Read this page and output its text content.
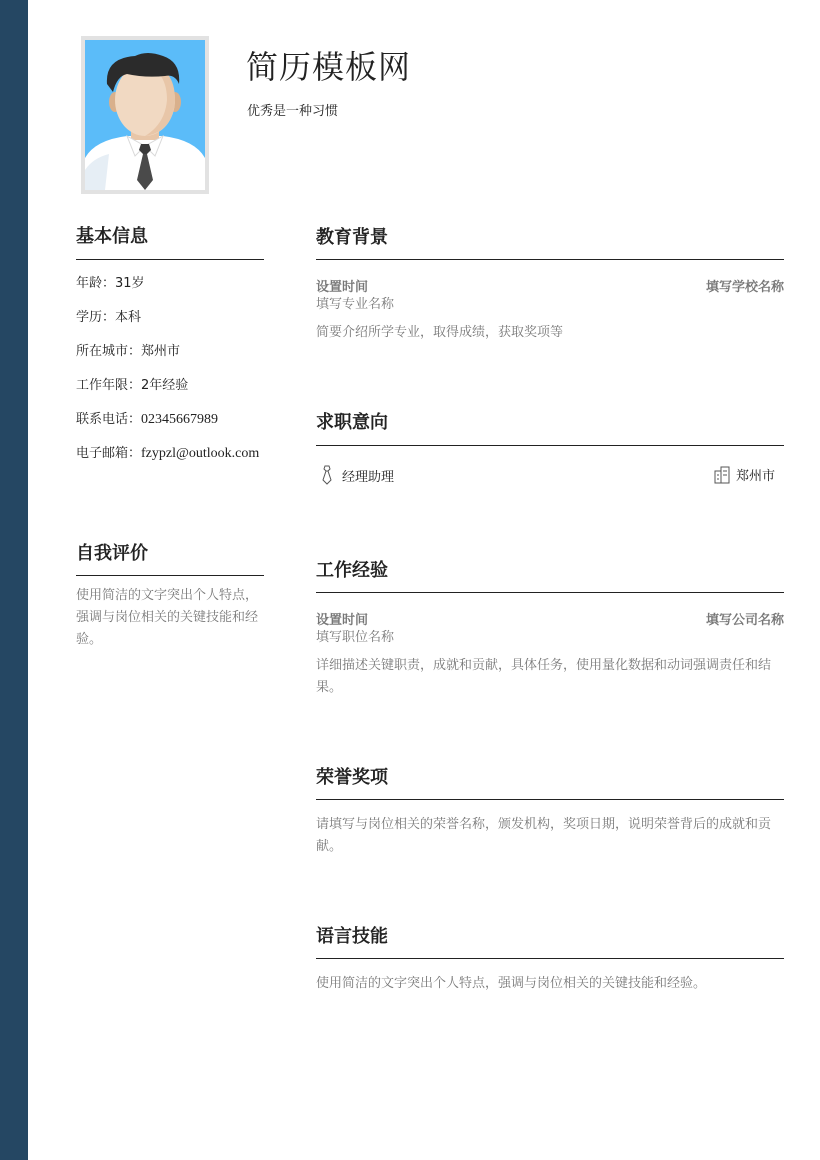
简历模板网
优秀是一种习惯
基本信息
年龄：31岁
学历：本科
所在城市：郑州市
工作年限：2年经验
联系电话：02345667989
电子邮箱：fzypzl@outlook.com
自我评价
使用简洁的文字突出个人特点，强调与岗位相关的关键技能和经验。
教育背景
设置时间	填写学校名称
填写专业名称
简要介绍所学专业，取得成绩，获取奖项等
求职意向
经理助理	郑州市
工作经验
设置时间	填写公司名称
填写职位名称
详细描述关键职责，成就和贡献，具体任务，使用量化数据和动词强调责任和结果。
荣誉奖项
请填写与岗位相关的荣誉名称，颁发机构，奖项日期，说明荣誉背后的成就和贡献。
语言技能
使用简洁的文字突出个人特点，强调与岗位相关的关键技能和经验。
